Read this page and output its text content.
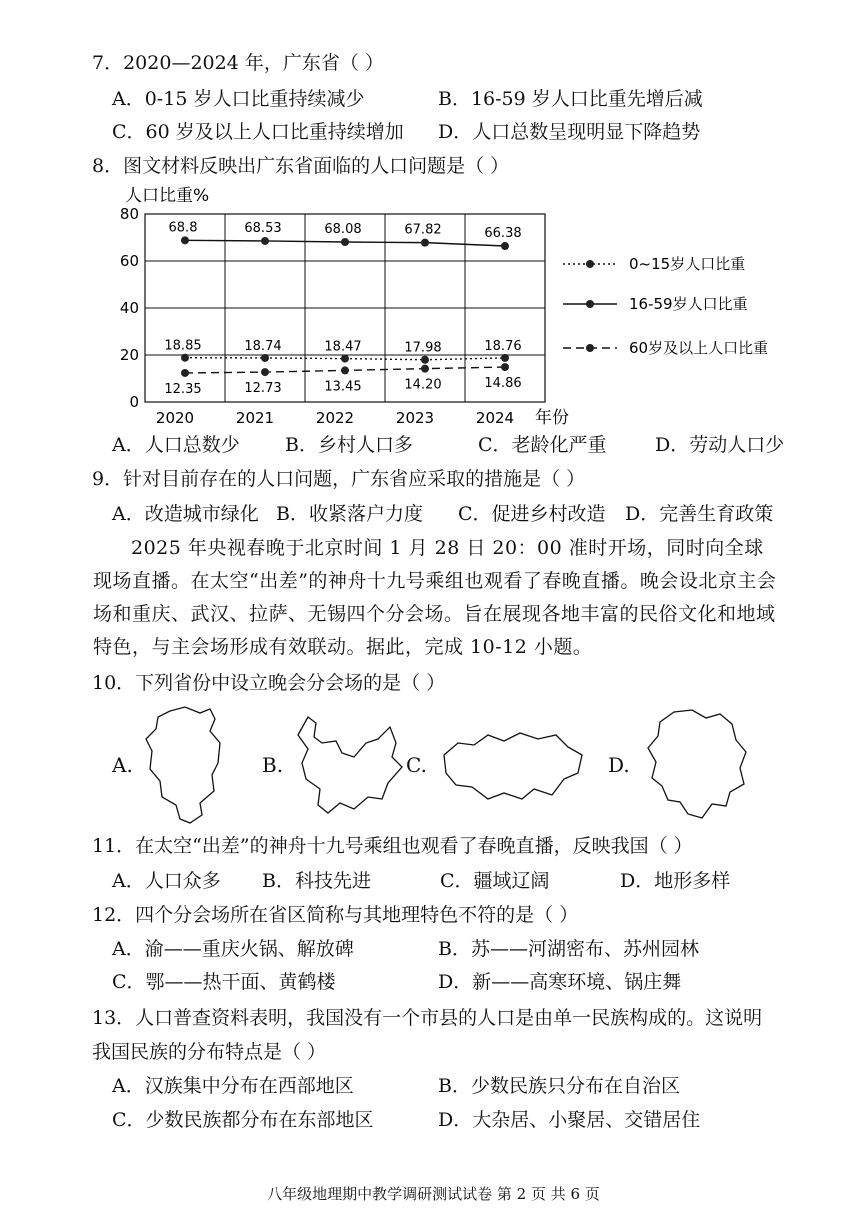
7．2020—2024 年，广东省（ ）
A．0-15 岁人口比重持续减少	B．16-59 岁人口比重先增后减
C．60 岁及以上人口比重持续增加 D．人口总数呈现明显下降趋势
8．图文材料反映出广东省面临的人口问题是（ ）
人口比重%
0
20
40
60
80
2020	2021	2022	2023	2024
18.85	18.74	18.47	17.98	18.76
68.8	68.53	68.08	67.82	66.38
12.35	12.73	13.45	14.20	14.86
年份
0~15岁人口比重
16-59岁人口比重
60岁及以上人口比重
A．人口总数少 B．乡村人口多	C．老龄化严重	D．劳动人口少
9．针对目前存在的人口问题，广东省应采取的措施是（ ）
A．改造城市绿化 B．收紧落户力度 C．促进乡村改造 D．完善生育政策
2025 年央视春晚于北京时间 1 月 28 日 20：00 准时开场，同时向全球现场直播。在太空“出差”的神舟十九号乘组也观看了春晚直播。晚会设北京主会场和重庆、武汉、拉萨、无锡四个分会场。旨在展现各地丰富的民俗文化和地域特色，与主会场形成有效联动。据此，完成 10-12 小题。
10．下列省份中设立晚会分会场的是（ ）
A.	B.	C.	D.
11．在太空“出差”的神舟十九号乘组也观看了春晚直播，反映我国（ ）
A．人口众多 B．科技先进	C．疆域辽阔	D．地形多样
12．四个分会场所在省区简称与其地理特色不符的是（ ）
A．渝——重庆火锅、解放碑	B．苏——河湖密布、苏州园林
C．鄂——热干面、黄鹤楼	D．新——高寒环境、锅庄舞
13．人口普查资料表明，我国没有一个市县的人口是由单一民族构成的。这说明
我国民族的分布特点是（ ）
A．汉族集中分布在西部地区	B．少数民族只分布在自治区
C．少数民族都分布在东部地区	D．大杂居、小聚居、交错居住
八年级地理期中教学调研测试试卷 第 2 页 共 6 页
